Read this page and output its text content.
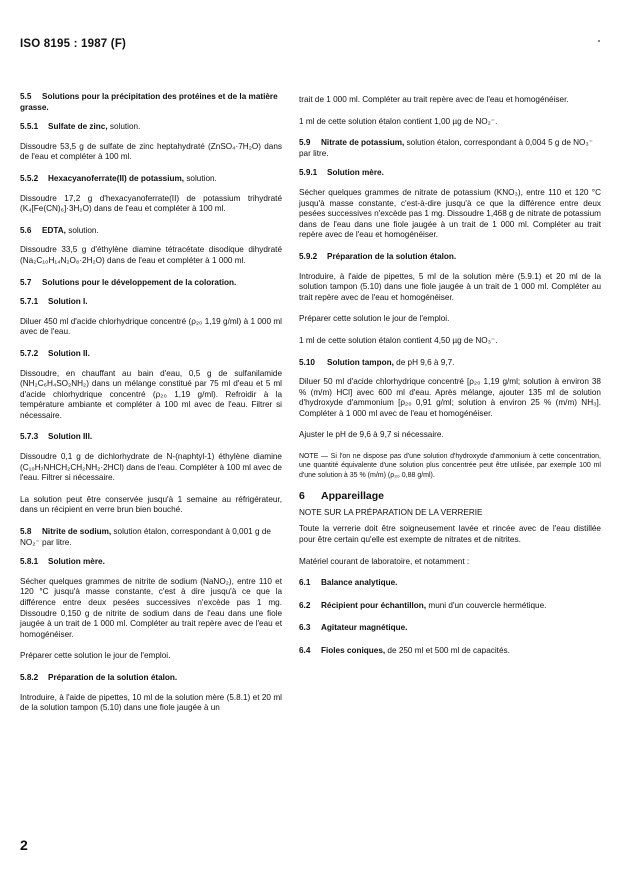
ISO 8195 : 1987 (F)
5.5 Solutions pour la précipitation des protéines et de la matière grasse.
5.5.1 Sulfate de zinc, solution.

Dissoudre 53,5 g de sulfate de zinc heptahydraté (ZnSO₄·7H₂O) dans de l'eau et compléter à 100 ml.

5.5.2 Hexacyanoferrate(II) de potassium, solution.

Dissoudre 17,2 g d'hexacyanoferrate(II) de potassium trihydraté (K₄[Fe(CN)₆]·3H₂O) dans de l'eau et compléter à 100 ml.

5.6 EDTA, solution.

Dissoudre 33,5 g d'éthylène diamine tétracétate disodique dihydraté (Na₂C₁₀H₁₄N₂O₈·2H₂O) dans de l'eau et compléter à 1 000 ml.

5.7 Solutions pour le développement de la coloration.
5.7.1 Solution I.

Diluer 450 ml d'acide chlorhydrique concentré (ρ₂₀ 1,19 g/ml) à 1 000 ml avec de l'eau.

5.7.2 Solution II.

Dissoudre, en chauffant au bain d'eau, 0,5 g de sulfanilamide (NH₂C₆H₄SO₂NH₂) dans un mélange constitué par 75 ml d'eau et 5 ml d'acide chlorhydrique concentré (ρ₂₀ 1,19 g/ml). Refroidir à la température ambiante et compléter à 100 ml avec de l'eau. Filtrer si nécessaire.

5.7.3 Solution III.

Dissoudre 0,1 g de dichlorhydrate de N-(naphtyl-1) éthylène diamine (C₁₀H₇NHCH₂CH₂NH₂·2HCl) dans de l'eau. Compléter à 100 ml avec de l'eau. Filtrer si nécessaire.

La solution peut être conservée jusqu'à 1 semaine au réfrigérateur, dans un récipient en verre brun bien bouché.

5.8 Nitrite de sodium, solution étalon, correspondant à 0,001 g de NO₂⁻ par litre.
5.8.1 Solution mère.

Sécher quelques grammes de nitrite de sodium (NaNO₂), entre 110 et 120 °C jusqu'à masse constante, c'est à dire jusqu'à ce que la différence entre deux pesées successives n'excède pas 1 mg. Dissoudre 0,150 g de nitrite de sodium dans de l'eau dans une fiole jaugée à un trait de 1 000 ml. Compléter au trait repère avec de l'eau et homogénéiser.

Préparer cette solution le jour de l'emploi.

5.8.2 Préparation de la solution étalon.

Introduire, à l'aide de pipettes, 10 ml de la solution mère (5.8.1) et 20 ml de la solution tampon (5.10) dans une fiole jaugée à un

trait de 1 000 ml. Compléter au trait repère avec de l'eau et homogénéiser.

1 ml de cette solution étalon contient 1,00 µg de NO₂⁻.

5.9 Nitrate de potassium, solution étalon, correspondant à 0,004 5 g de NO₃⁻ par litre.
5.9.1 Solution mère.

Sécher quelques grammes de nitrate de potassium (KNO₃), entre 110 et 120 °C jusqu'à masse constante, c'est-à-dire jusqu'à ce que la différence entre deux pesées successives n'excède pas 1 mg. Dissoudre 1,468 g de nitrate de potassium dans de l'eau dans une fiole jaugée à un trait de 1 000 ml. Compléter au trait repère avec de l'eau et homogénéiser.

5.9.2 Préparation de la solution étalon.

Introduire, à l'aide de pipettes, 5 ml de la solution mère (5.9.1) et 20 ml de la solution tampon (5.10) dans une fiole jaugée à un trait de 1 000 ml. Compléter au trait repère avec de l'eau et homogénéiser.

Préparer cette solution le jour de l'emploi.

1 ml de cette solution étalon contient 4,50 µg de NO₃⁻.

5.10 Solution tampon, de pH 9,6 à 9,7.

Diluer 50 ml d'acide chlorhydrique concentré [ρ₂₀ 1,19 g/ml; solution à environ 38 % (m/m) HCl] avec 600 ml d'eau. Après mélange, ajouter 135 ml de solution d'hydroxyde d'ammonium [ρ₂₀ 0,91 g/ml; solution à environ 25 % (m/m) NH₃]. Compléter à 1 000 ml avec de l'eau et homogénéiser.

Ajuster le pH de 9,6 à 9,7 si nécessaire.

NOTE — Si l'on ne dispose pas d'une solution d'hydroxyde d'ammonium à cette concentration, une quantité équivalente d'une solution plus concentrée peut être utilisée, par exemple 100 ml d'une solution à 35 % (m/m) (ρ₂₀ 0,88 g/ml).

6 Appareillage

NOTE SUR LA PRÉPARATION DE LA VERRERIE

Toute la verrerie doit être soigneusement lavée et rincée avec de l'eau distillée pour être certain qu'elle est exempte de nitrates et de nitrites.

Matériel courant de laboratoire, et notamment :

6.1 Balance analytique.
6.2 Récipient pour échantillon, muni d'un couvercle hermétique.
6.3 Agitateur magnétique.
6.4 Fioles coniques, de 250 ml et 500 ml de capacités.
2
